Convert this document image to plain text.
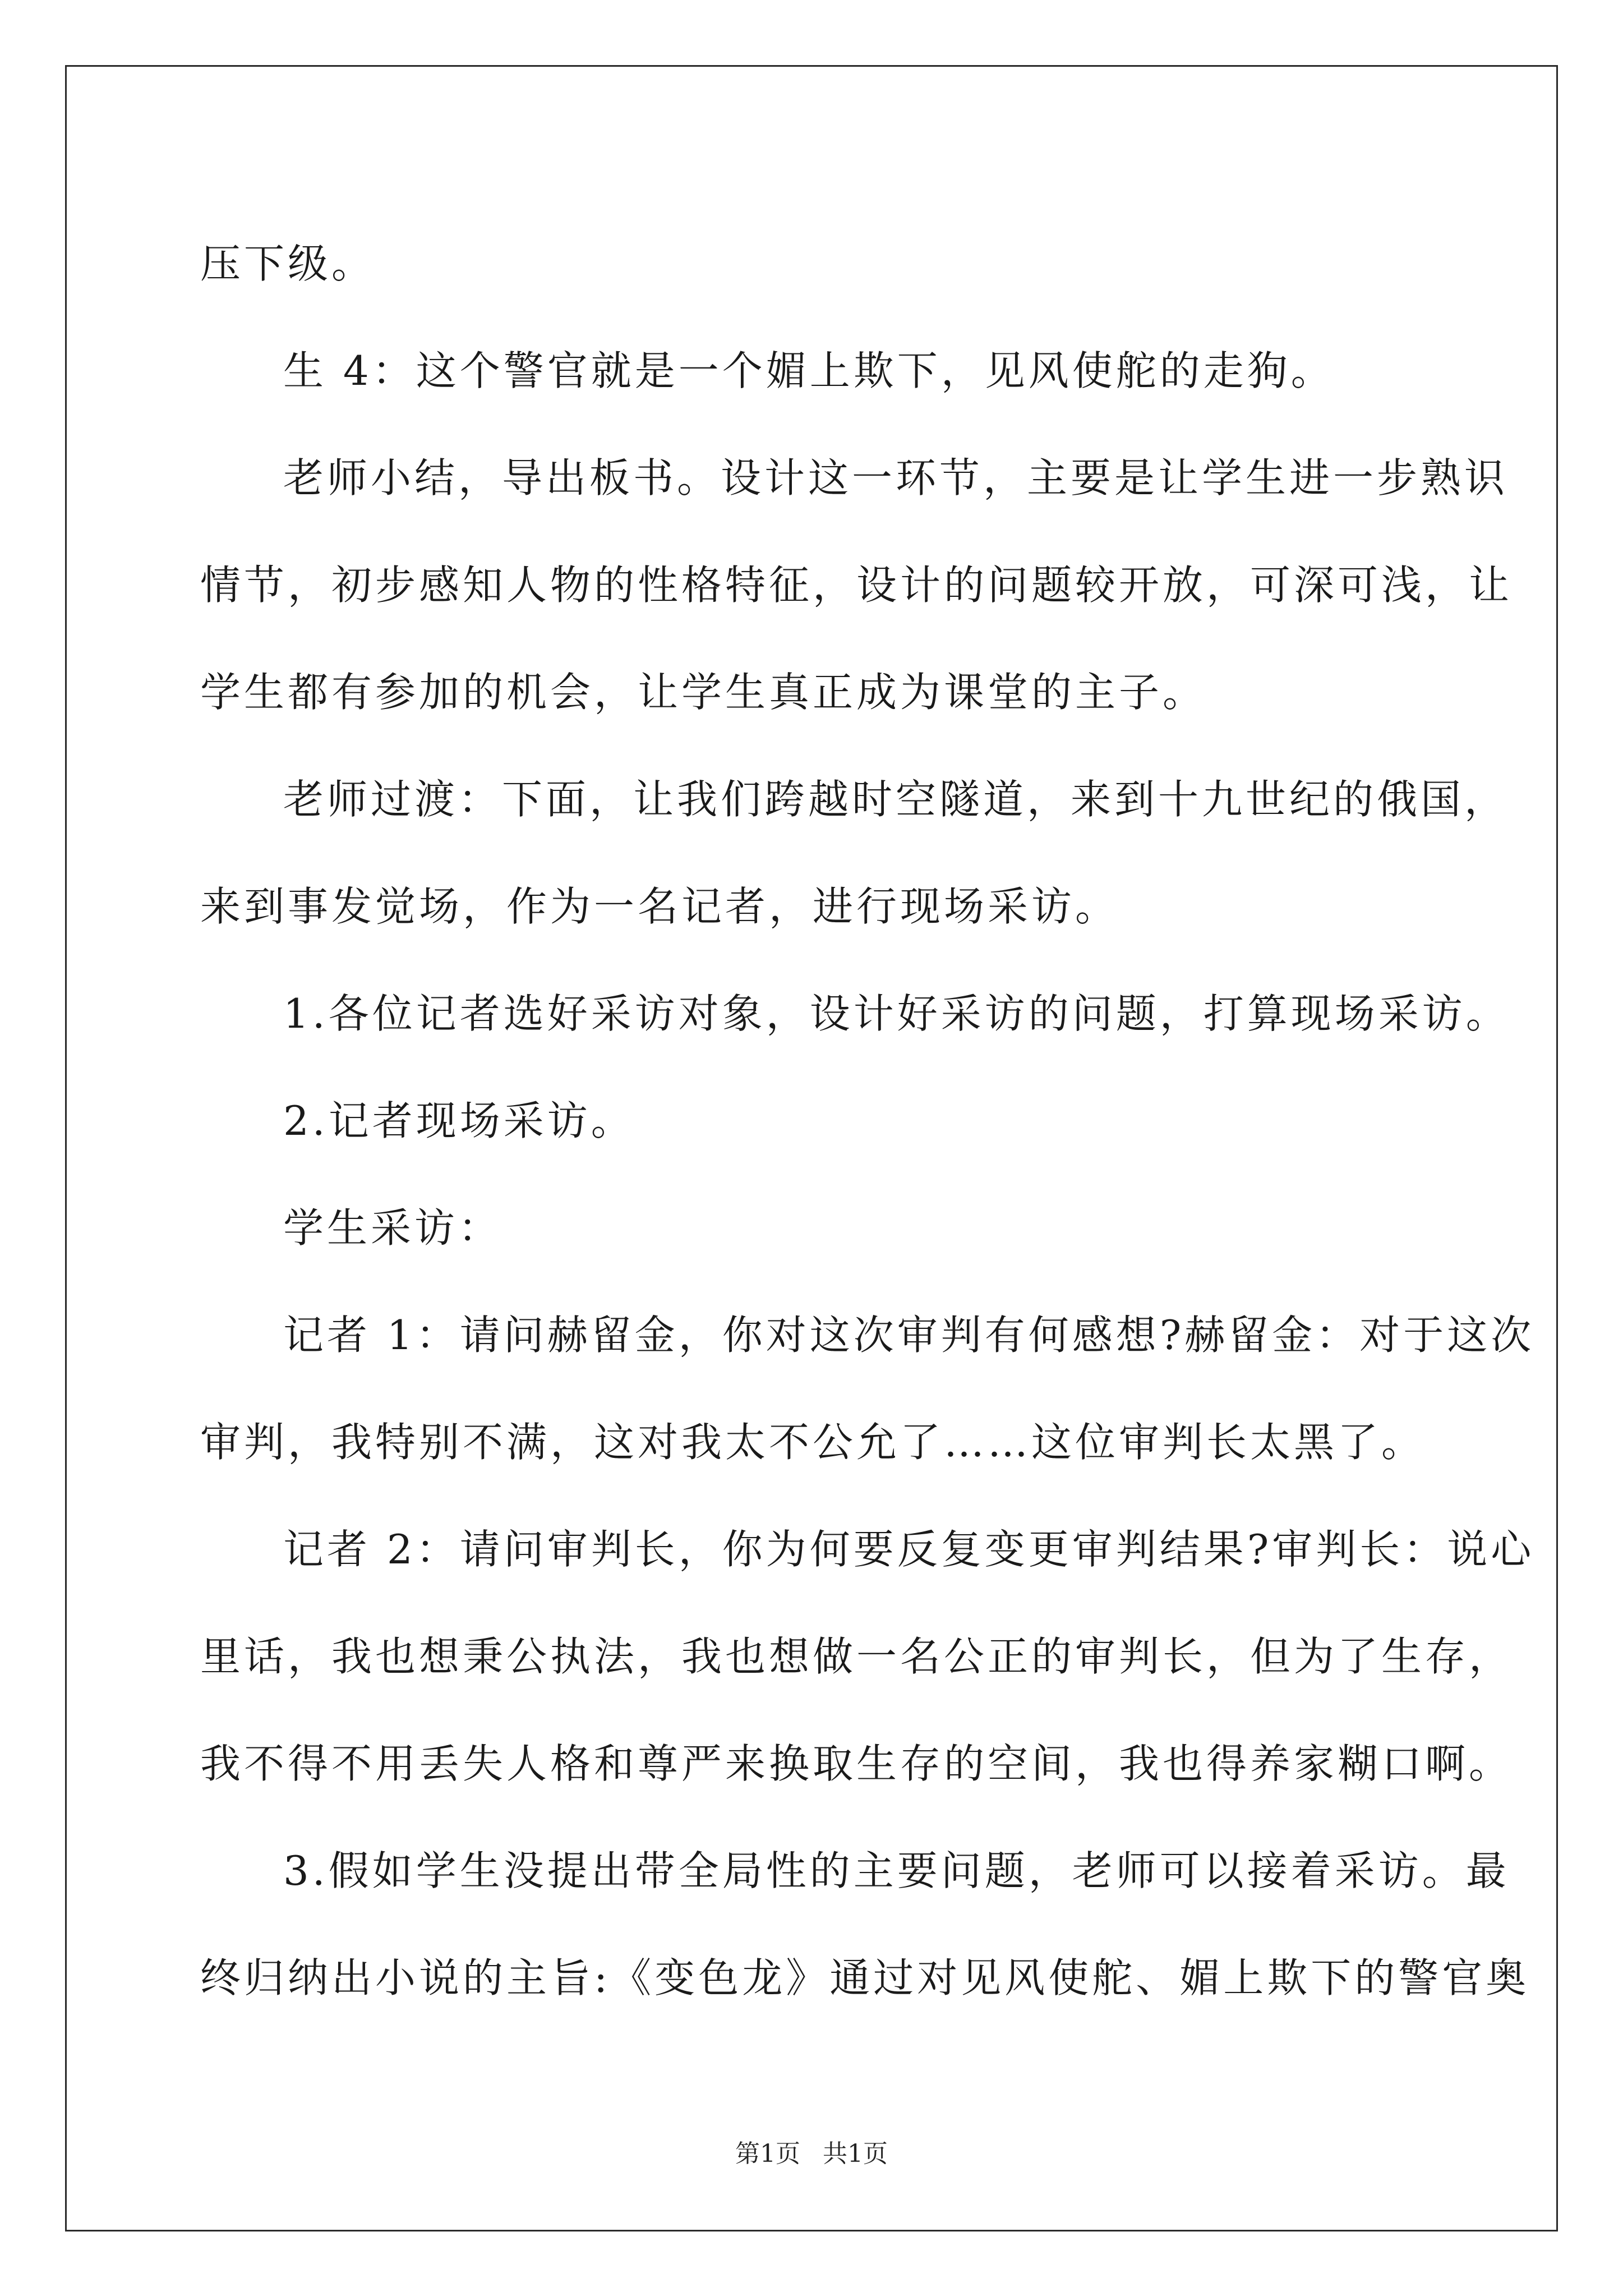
压下级。
生 4：这个警官就是一个媚上欺下，见风使舵的走狗。
老师小结，导出板书。设计这一环节，主要是让学生进一步熟识
情节，初步感知人物的性格特征，设计的问题较开放，可深可浅，让
学生都有参加的机会，让学生真正成为课堂的主子。
老师过渡：下面，让我们跨越时空隧道，来到十九世纪的俄国，
来到事发觉场，作为一名记者，进行现场采访。
1.各位记者选好采访对象，设计好采访的问题，打算现场采访。
2.记者现场采访。
学生采访：
记者 1：请问赫留金，你对这次审判有何感想?赫留金：对于这次
审判，我特别不满，这对我太不公允了……这位审判长太黑了。
记者 2：请问审判长，你为何要反复变更审判结果?审判长：说心
里话，我也想秉公执法，我也想做一名公正的审判长，但为了生存，
我不得不用丢失人格和尊严来换取生存的空间，我也得养家糊口啊。
3.假如学生没提出带全局性的主要问题，老师可以接着采访。最
终归纳出小说的主旨:《变色龙》通过对见风使舵、媚上欺下的警官奥
第1页 共1页
